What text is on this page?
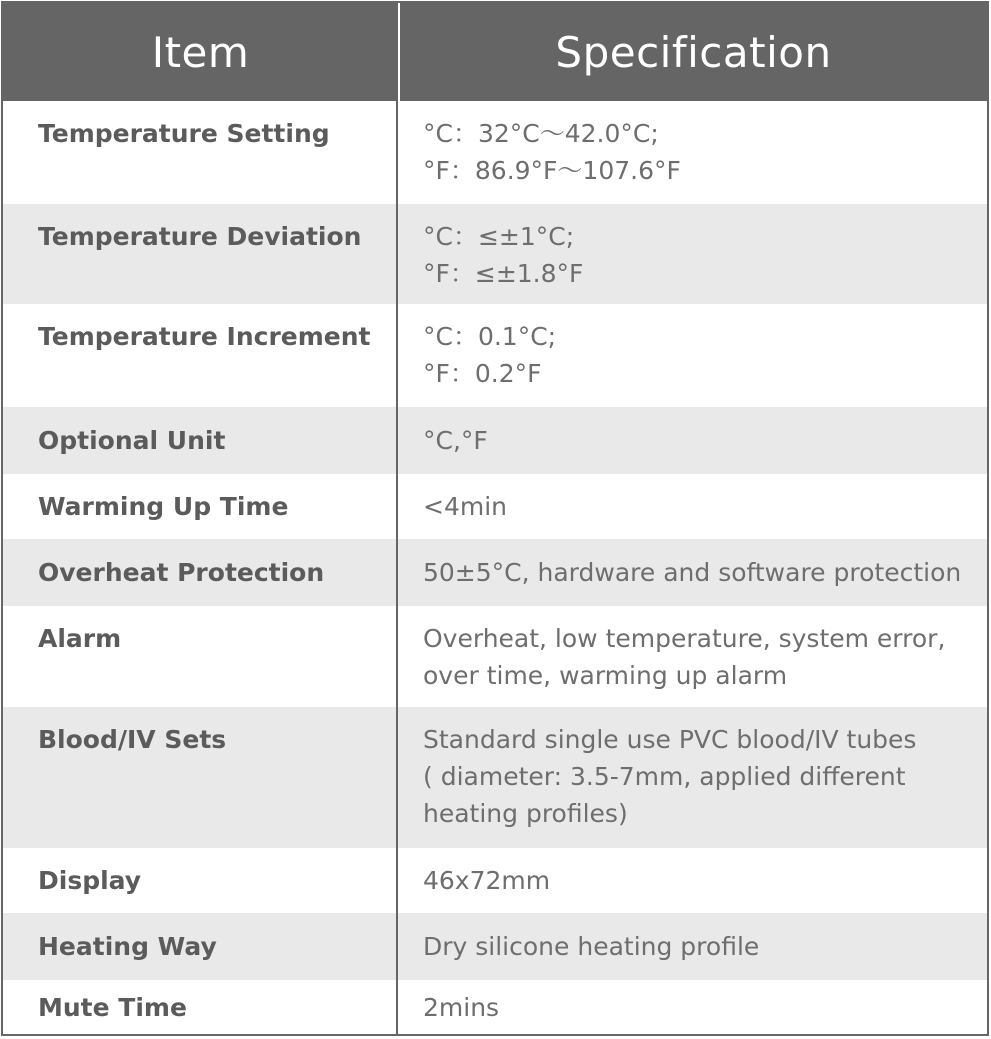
Item	Specification
Temperature Setting	°C：32°C～42.0°C;
°F：86.9°F～107.6°F
Temperature Deviation	°C：≤±1°C;
°F：≤±1.8°F
Temperature Increment	°C：0.1°C;
°F：0.2°F
Optional Unit	°C,°F
Warming Up Time	<4min
Overheat Protection	50±5°C, hardware and software protection
Alarm	Overheat, low temperature, system error,
over time, warming up alarm
Blood/IV Sets	Standard single use PVC blood/IV tubes
( diameter: 3.5-7mm, applied different
heating profiles)
Display	46x72mm
Heating Way	Dry silicone heating profile
Mute Time	2mins
